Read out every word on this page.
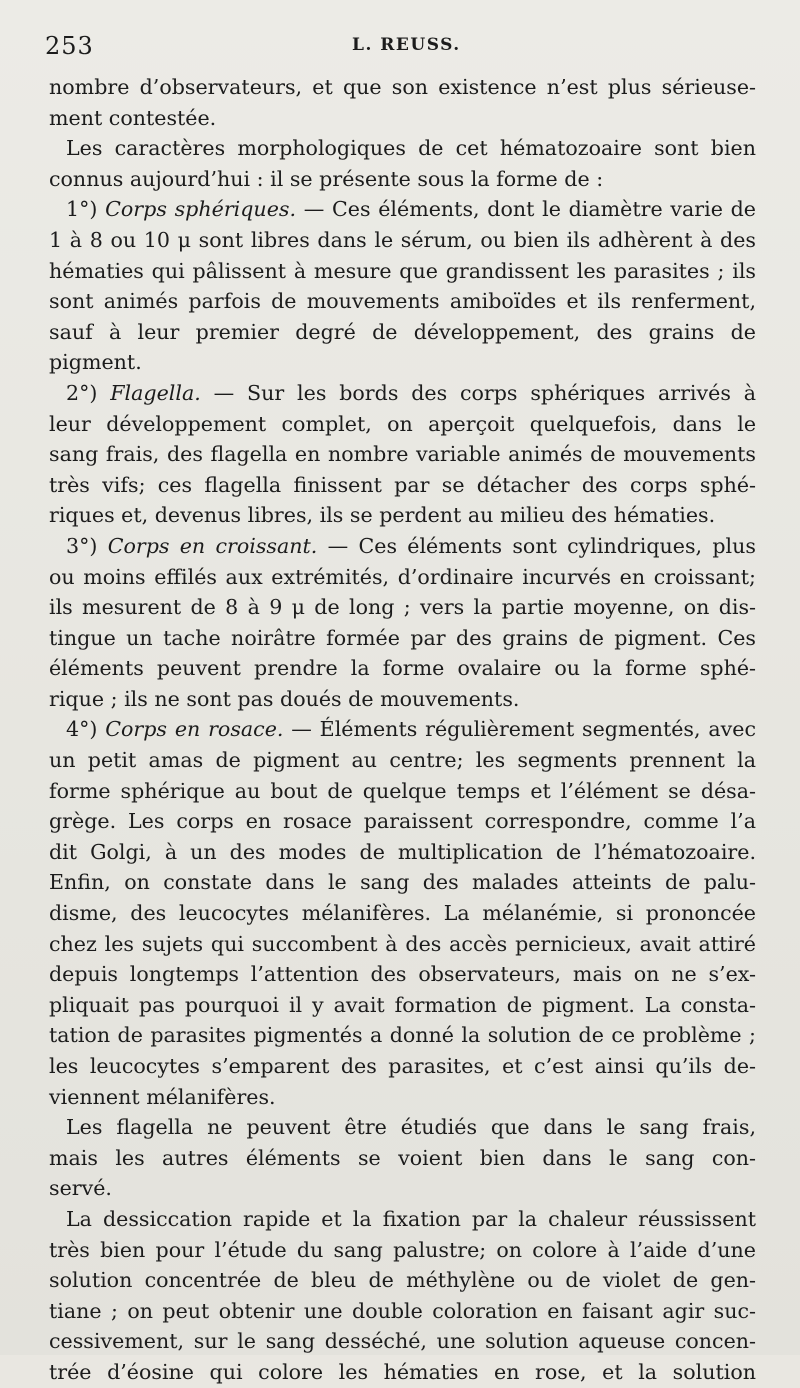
253	L. REUSS.
nombre d’observateurs, et que son existence n’est plus sérieuse-
ment contestée.
Les caractères morphologiques de cet hématozoaire sont bien
connus aujourd’hui : il se présente sous la forme de :
1°) Corps sphériques. — Ces éléments, dont le diamètre varie de
1 à 8 ou 10 μ sont libres dans le sérum, ou bien ils adhèrent à des
hématies qui pâlissent à mesure que grandissent les parasites ; ils
sont animés parfois de mouvements amiboïdes et ils renferment,
sauf à leur premier degré de développement, des grains de
pigment.
2°) Flagella. — Sur les bords des corps sphériques arrivés à
leur développement complet, on aperçoit quelquefois, dans le
sang frais, des flagella en nombre variable animés de mouvements
très vifs; ces flagella finissent par se détacher des corps sphé-
riques et, devenus libres, ils se perdent au milieu des hématies.
3°) Corps en croissant. — Ces éléments sont cylindriques, plus
ou moins effilés aux extrémités, d’ordinaire incurvés en croissant;
ils mesurent de 8 à 9 μ de long ; vers la partie moyenne, on dis-
tingue un tache noirâtre formée par des grains de pigment. Ces
éléments peuvent prendre la forme ovalaire ou la forme sphé-
rique ; ils ne sont pas doués de mouvements.
4°) Corps en rosace. — Éléments régulièrement segmentés, avec
un petit amas de pigment au centre; les segments prennent la
forme sphérique au bout de quelque temps et l’élément se désa-
grège. Les corps en rosace paraissent correspondre, comme l’a
dit Golgi, à un des modes de multiplication de l’hématozoaire.
Enfin, on constate dans le sang des malades atteints de palu-
disme, des leucocytes mélanifères. La mélanémie, si prononcée
chez les sujets qui succombent à des accès pernicieux, avait attiré
depuis longtemps l’attention des observateurs, mais on ne s’ex-
pliquait pas pourquoi il y avait formation de pigment. La consta-
tation de parasites pigmentés a donné la solution de ce problème ;
les leucocytes s’emparent des parasites, et c’est ainsi qu’ils de-
viennent mélanifères.
Les flagella ne peuvent être étudiés que dans le sang frais,
mais les autres éléments se voient bien dans le sang con-
servé.
La dessiccation rapide et la fixation par la chaleur réussissent
très bien pour l’étude du sang palustre; on colore à l’aide d’une
solution concentrée de bleu de méthylène ou de violet de gen-
tiane ; on peut obtenir une double coloration en faisant agir suc-
cessivement, sur le sang desséché, une solution aqueuse concen-
trée d’éosine qui colore les hématies en rose, et la solution
